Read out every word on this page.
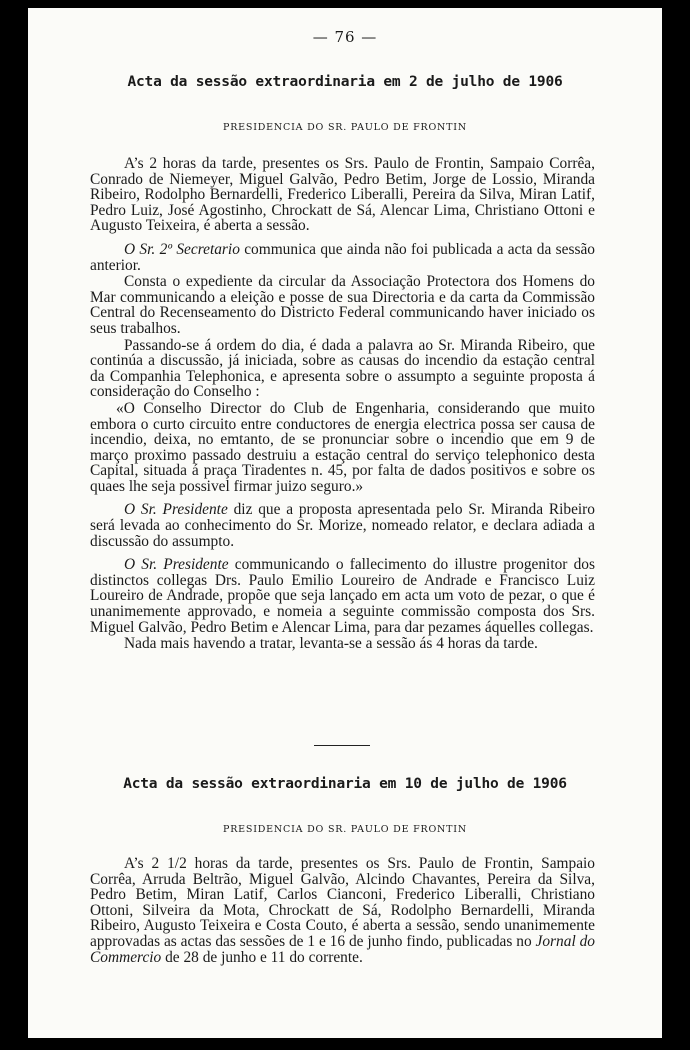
— 76 —
Acta da sessão extraordinaria em 2 de julho de 1906
PRESIDENCIA DO SR. PAULO DE FRONTIN

A’s 2 horas da tarde, presentes os Srs. Paulo de Frontin, Sampaio Corrêa, Conrado de Niemeyer, Miguel Galvão, Pedro Betim, Jorge de Lossio, Miranda Ribeiro, Rodolpho Bernardelli, Frederico Liberalli, Pereira da Silva, Miran Latif, Pedro Luiz, José Agostinho, Chrockatt de Sá, Alencar Lima, Christiano Ottoni e Augusto Teixeira, é aberta a sessão.

O Sr. 2º Secretario communica que ainda não foi publicada a acta da sessão anterior.

Consta o expediente da circular da Associação Protectora dos Homens do Mar communicando a eleição e posse de sua Directoria e da carta da Commissão Central do Recenseamento do Districto Federal communicando haver iniciado os seus trabalhos.

Passando-se á ordem do dia, é dada a palavra ao Sr. Miranda Ribeiro, que continúa a discussão, já iniciada, sobre as causas do incendio da estação central da Companhia Telephonica, e apresenta sobre o assumpto a seguinte proposta á consideração do Conselho :

«O Conselho Director do Club de Engenharia, considerando que muito embora o curto circuito entre conductores de energia electrica possa ser causa de incendio, deixa, no emtanto, de se pronunciar sobre o incendio que em 9 de março proximo passado destruiu a estação central do serviço telephonico desta Capital, situada á praça Tiradentes n. 45, por falta de dados positivos e sobre os quaes lhe seja possivel firmar juizo seguro.»

O Sr. Presidente diz que a proposta apresentada pelo Sr. Miranda Ribeiro será levada ao conhecimento do Sr. Morize, nomeado relator, e declara adiada a discussão do assumpto.

O Sr. Presidente communicando o fallecimento do illustre progenitor dos distinctos collegas Drs. Paulo Emilio Loureiro de Andrade e Francisco Luiz Loureiro de Andrade, propõe que seja lançado em acta um voto de pezar, o que é unanimemente approvado, e nomeia a seguinte commissão composta dos Srs. Miguel Galvão, Pedro Betim e Alencar Lima, para dar pezames áquelles collegas.

Nada mais havendo a tratar, levanta-se a sessão ás 4 horas da tarde.

Acta da sessão extraordinaria em 10 de julho de 1906
PRESIDENCIA DO SR. PAULO DE FRONTIN

A’s 2 1/2 horas da tarde, presentes os Srs. Paulo de Frontin, Sampaio Corrêa, Arruda Beltrão, Miguel Galvão, Alcindo Chavantes, Pereira da Silva, Pedro Betim, Miran Latif, Carlos Cianconi, Frederico Liberalli, Christiano Ottoni, Silveira da Mota, Chrockatt de Sá, Rodolpho Bernardelli, Miranda Ribeiro, Augusto Teixeira e Costa Couto, é aberta a sessão, sendo unanimemente approvadas as actas das sessões de 1 e 16 de junho findo, publicadas no Jornal do Commercio de 28 de junho e 11 do corrente.
